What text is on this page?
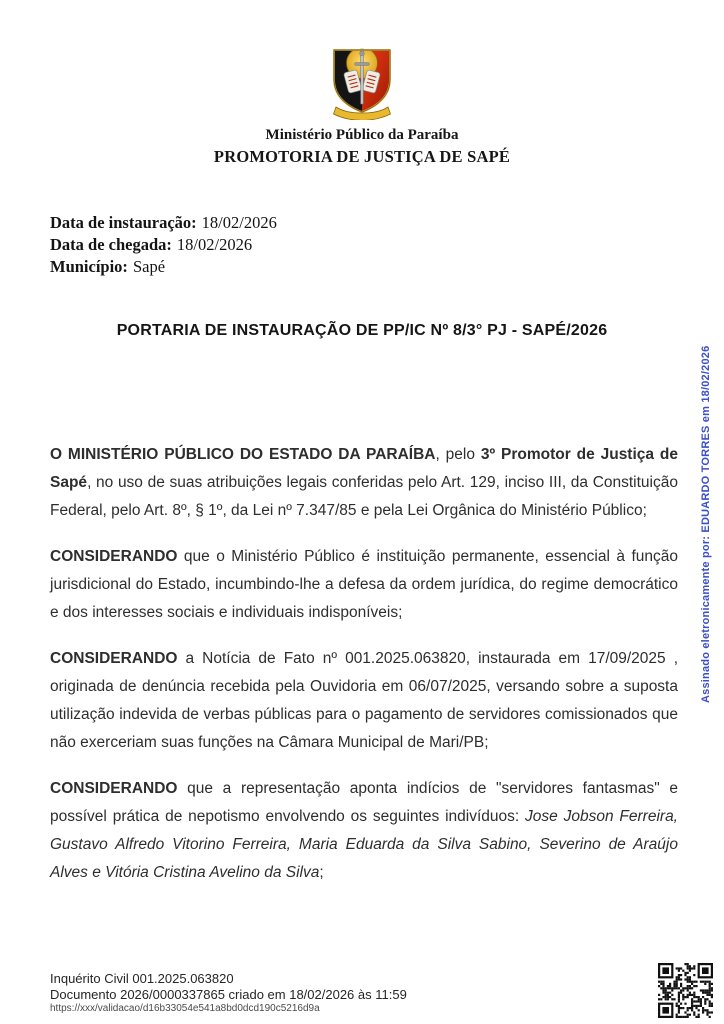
Ministério Público da Paraíba
PROMOTORIA DE JUSTIÇA DE SAPÉ
Data de instauração: 18/02/2026
Data de chegada: 18/02/2026
Município: Sapé
PORTARIA DE INSTAURAÇÃO DE PP/IC Nº 8/3° PJ - SAPÉ/2026

O MINISTÉRIO PÚBLICO DO ESTADO DA PARAÍBA, pelo 3º Promotor de Justiça de Sapé, no uso de suas atribuições legais conferidas pelo Art. 129, inciso III, da Constituição Federal, pelo Art. 8º, § 1º, da Lei nº 7.347/85 e pela Lei Orgânica do Ministério Público;

CONSIDERANDO que o Ministério Público é instituição permanente, essencial à função jurisdicional do Estado, incumbindo-lhe a defesa da ordem jurídica, do regime democrático e dos interesses sociais e individuais indisponíveis;

CONSIDERANDO a Notícia de Fato nº 001.2025.063820, instaurada em 17/09/2025 , originada de denúncia recebida pela Ouvidoria em 06/07/2025, versando sobre a suposta utilização indevida de verbas públicas para o pagamento de servidores comissionados que não exerceriam suas funções na Câmara Municipal de Mari/PB;

CONSIDERANDO que a representação aponta indícios de "servidores fantasmas" e possível prática de nepotismo envolvendo os seguintes indivíduos: Jose Jobson Ferreira, Gustavo Alfredo Vitorino Ferreira, Maria Eduarda da Silva Sabino, Severino de Araújo Alves e Vitória Cristina Avelino da Silva;

Assinado eletronicamente por: EDUARDO TORRES em 18/02/2026
Inquérito Civil 001.2025.063820
Documento 2026/0000337865 criado em 18/02/2026 às 11:59
https://xxx/validacao/d16b33054e541a8bd0dcd190c5216d9a
